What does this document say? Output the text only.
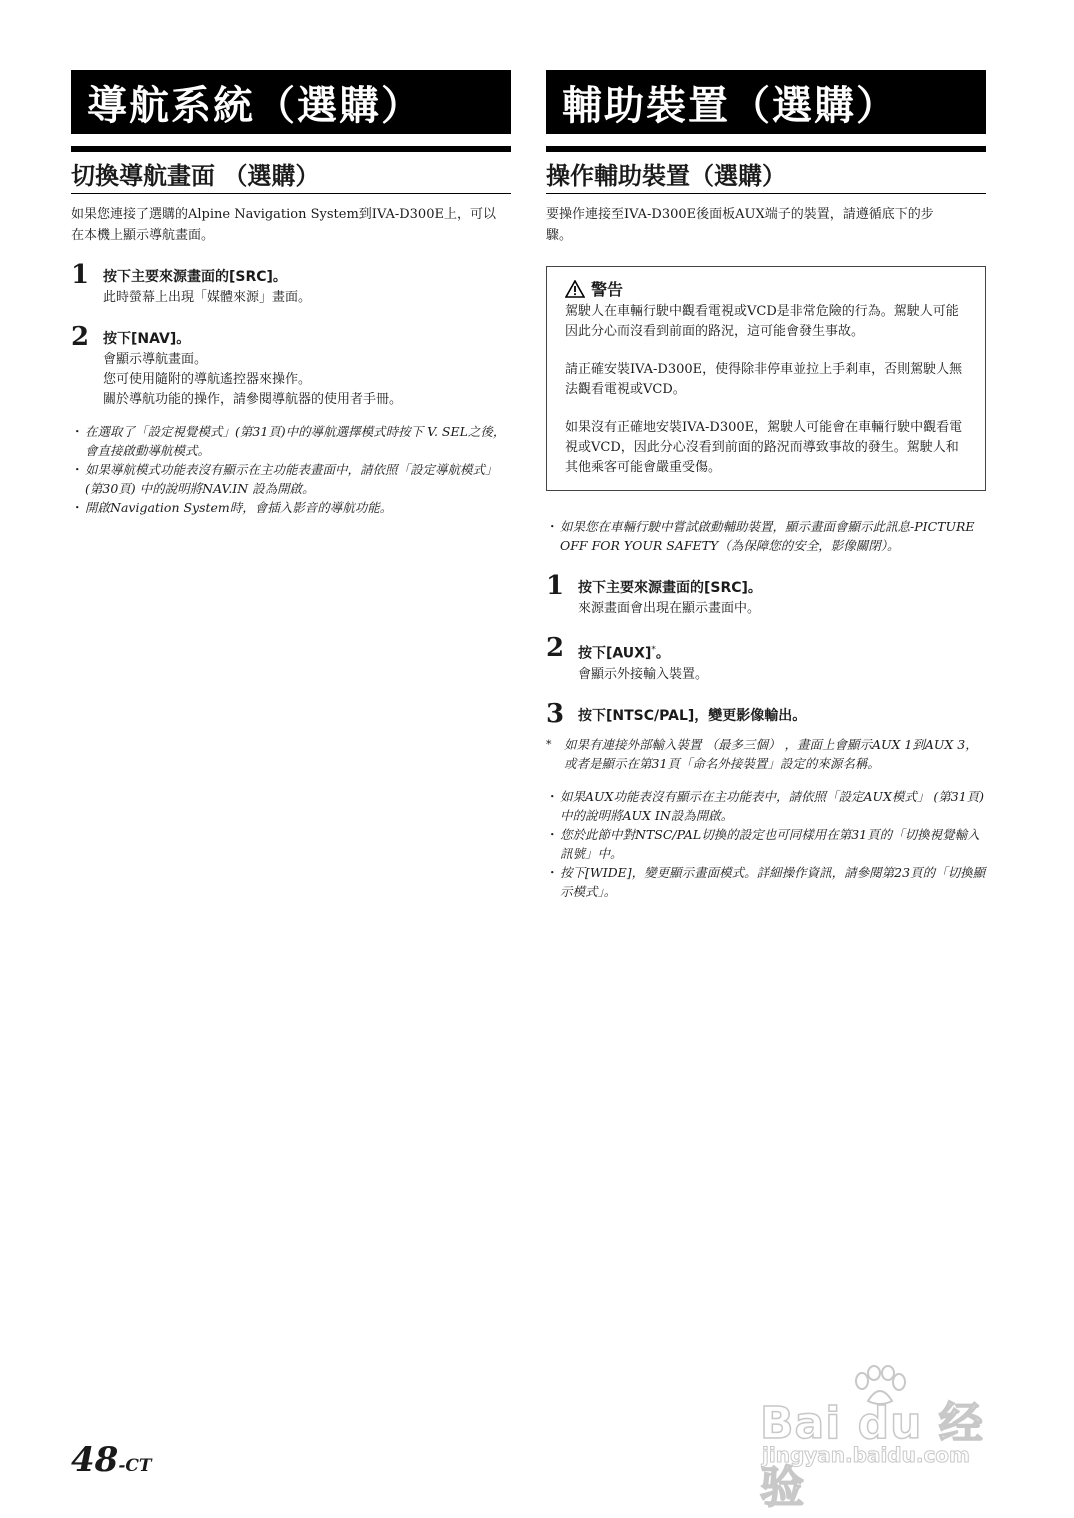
導航系統（選購）
切換導航畫面 （選購）
如果您連接了選購的Alpine Navigation System到IVA-D300E上，可以
在本機上顯示導航畫面。
1 按下主要來源畫面的[SRC]。
此時螢幕上出現「媒體來源」畫面。
2 按下[NAV]。
會顯示導航畫面。
您可使用隨附的導航遙控器來操作。
關於導航功能的操作，請參閱導航器的使用者手冊。
・ 在選取了「設定視覺模式」(第31頁)中的導航選擇模式時按下 V. SEL之後，會直接啟動導航模式。
・ 如果導航模式功能表沒有顯示在主功能表畫面中，請依照「設定導航模式」 (第30頁) 中的說明將NAV.IN 設為開啟。
・ 開啟Navigation System時，會插入影音的導航功能。
輔助裝置（選購）
操作輔助裝置（選購）
要操作連接至IVA-D300E後面板AUX端子的裝置，請遵循底下的步
驟。
警告
駕駛人在車輛行駛中觀看電視或VCD是非常危險的行為。駕駛人可能因此分心而沒看到前面的路況，這可能會發生事故。
請正確安裝IVA-D300E，使得除非停車並拉上手剎車，否則駕駛人無法觀看電視或VCD。
如果沒有正確地安裝IVA-D300E，駕駛人可能會在車輛行駛中觀看電視或VCD，因此分心沒看到前面的路況而導致事故的發生。駕駛人和其他乘客可能會嚴重受傷。
・ 如果您在車輛行駛中嘗試啟動輔助裝置，顯示畫面會顯示此訊息-PICTURE OFF FOR YOUR SAFETY（為保障您的安全，影像關閉）。
1 按下主要來源畫面的[SRC]。
來源畫面會出現在顯示畫面中。
2 按下[AUX]*。
會顯示外接輸入裝置。
3 按下[NTSC/PAL]，變更影像輸出。
*	如果有連接外部輸入裝置 （最多三個） ，畫面上會顯示AUX 1到AUX 3，或者是顯示在第31頁「命名外接裝置」設定的來源名稱。
・ 如果AUX功能表沒有顯示在主功能表中，請依照「設定AUX模式」 (第31頁) 中的說明將AUX IN設為開啟。
・ 您於此節中對NTSC/PAL切換的設定也可同樣用在第31頁的「切換視覺輸入訊號」中。
・ 按下[WIDE]，變更顯示畫面模式。詳細操作資訊，請參閱第23頁的「切換顯示模式」。
48-CT
Bai du 经验
jingyan.baidu.com
